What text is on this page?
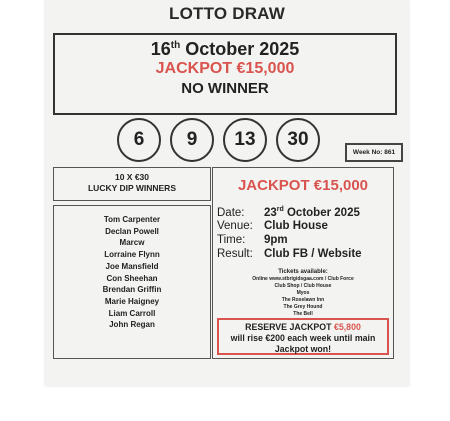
LOTTO DRAW
16th October 2025
JACKPOT €15,000
NO WINNER
6	9	13	30
Week No: 861
10 X €30
LUCKY DIP WINNERS
Tom Carpenter
Declan Powell
Marcw
Lorraine Flynn
Joe Mansfield
Con Sheehan
Brendan Griffin
Marie Haigney
Liam Carroll
John Regan
JACKPOT €15,000
Date: 23rd October 2025
Venue: Club House
Time: 9pm
Result: Club FB / Website
Tickets available:
Online www.stbrigidsgaa.com / Club Force
Club Shop / Club House
Myos
The Roselawn Inn
The Grey Hound
The Bell
RESERVE JACKPOT €5,800
will rise €200 each week until main
Jackpot won!
